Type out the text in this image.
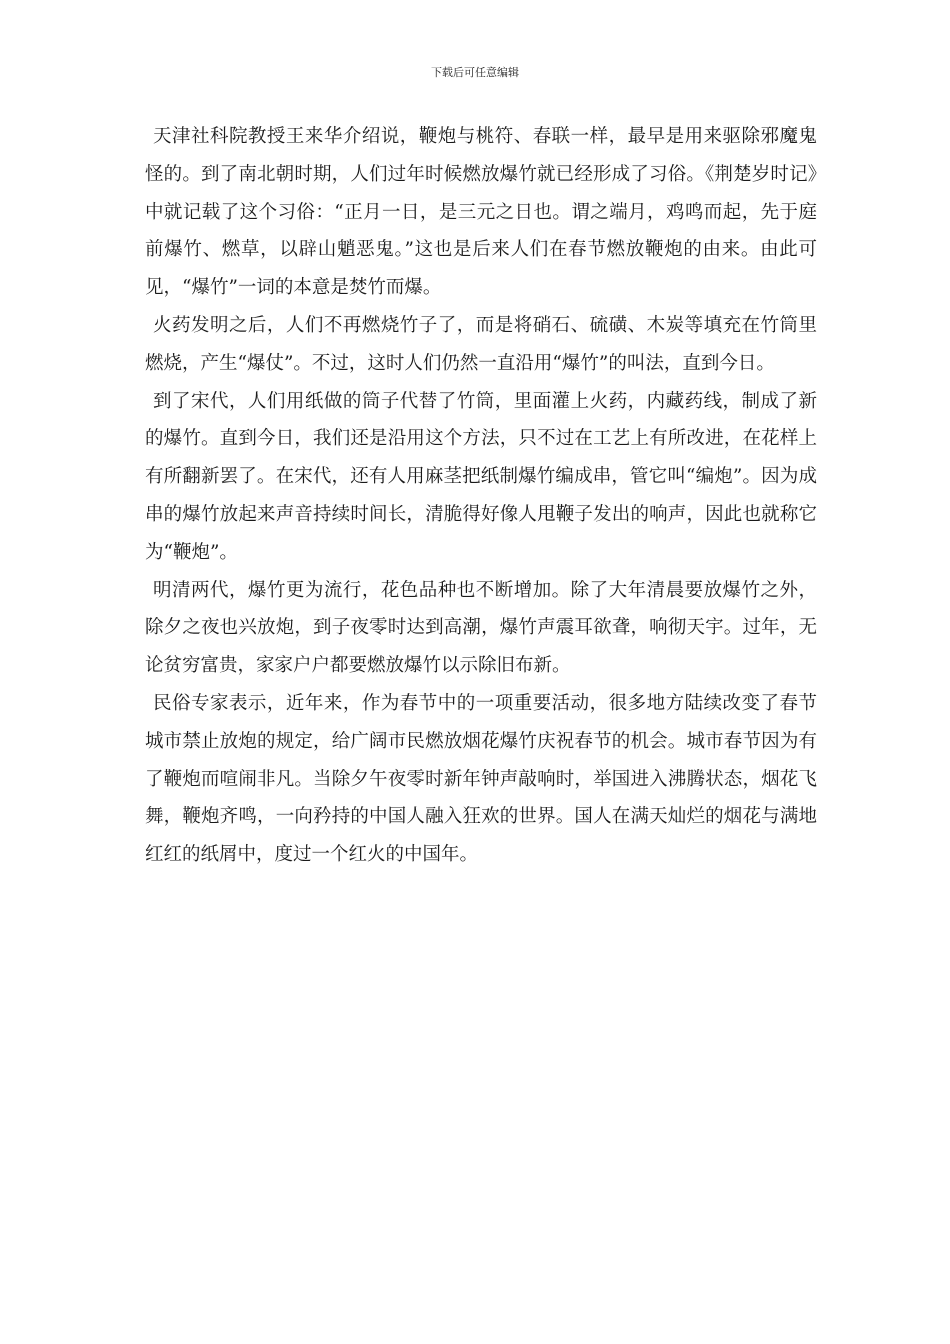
下载后可任意编辑

天津社科院教授王来华介绍说，鞭炮与桃符、春联一样，最早是用来驱除邪魔鬼怪的。到了南北朝时期，人们过年时候燃放爆竹就已经形成了习俗。《荆楚岁时记》中就记载了这个习俗：“正月一日，是三元之日也。谓之端月，鸡鸣而起，先于庭前爆竹、燃草，以辟山魈恶鬼。”这也是后来人们在春节燃放鞭炮的由来。由此可见，“爆竹”一词的本意是焚竹而爆。

火药发明之后，人们不再燃烧竹子了，而是将硝石、硫磺、木炭等填充在竹筒里燃烧，产生“爆仗”。不过，这时人们仍然一直沿用“爆竹”的叫法，直到今日。

到了宋代，人们用纸做的筒子代替了竹筒，里面灌上火药，内藏药线，制成了新的爆竹。直到今日，我们还是沿用这个方法，只不过在工艺上有所改进，在花样上有所翻新罢了。在宋代，还有人用麻茎把纸制爆竹编成串，管它叫“编炮”。因为成串的爆竹放起来声音持续时间长，清脆得好像人甩鞭子发出的响声，因此也就称它为“鞭炮”。

明清两代，爆竹更为流行，花色品种也不断增加。除了大年清晨要放爆竹之外，除夕之夜也兴放炮，到子夜零时达到高潮，爆竹声震耳欲聋，响彻天宇。过年，无论贫穷富贵，家家户户都要燃放爆竹以示除旧布新。

民俗专家表示，近年来，作为春节中的一项重要活动，很多地方陆续改变了春节城市禁止放炮的规定，给广阔市民燃放烟花爆竹庆祝春节的机会。城市春节因为有了鞭炮而喧闹非凡。当除夕午夜零时新年钟声敲响时，举国进入沸腾状态，烟花飞舞，鞭炮齐鸣，一向矜持的中国人融入狂欢的世界。国人在满天灿烂的烟花与满地红红的纸屑中，度过一个红火的中国年。
